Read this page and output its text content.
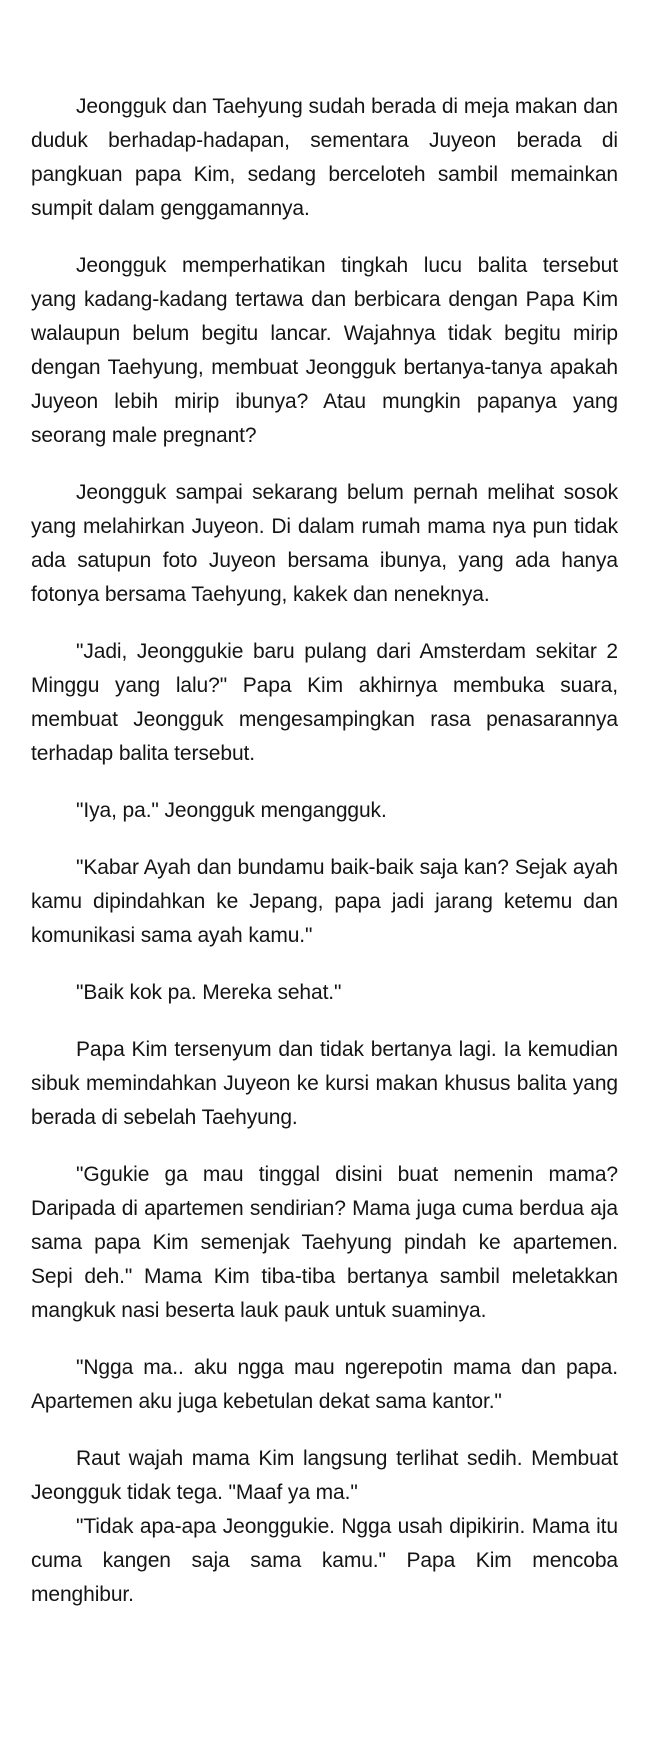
Jeongguk dan Taehyung sudah berada di meja makan dan duduk berhadap-hadapan, sementara Juyeon berada di pangkuan papa Kim, sedang berceloteh sambil memainkan sumpit dalam genggamannya.

Jeongguk memperhatikan tingkah lucu balita tersebut yang kadang-kadang tertawa dan berbicara dengan Papa Kim walaupun belum begitu lancar. Wajahnya tidak begitu mirip dengan Taehyung, membuat Jeongguk bertanya-tanya apakah Juyeon lebih mirip ibunya? Atau mungkin papanya yang seorang male pregnant?

Jeongguk sampai sekarang belum pernah melihat sosok yang melahirkan Juyeon. Di dalam rumah mama nya pun tidak ada satupun foto Juyeon bersama ibunya, yang ada hanya fotonya bersama Taehyung, kakek dan neneknya.

"Jadi, Jeonggukie baru pulang dari Amsterdam sekitar 2 Minggu yang lalu?" Papa Kim akhirnya membuka suara, membuat Jeongguk mengesampingkan rasa penasarannya terhadap balita tersebut.

"Iya, pa." Jeongguk mengangguk.

"Kabar Ayah dan bundamu baik-baik saja kan? Sejak ayah kamu dipindahkan ke Jepang, papa jadi jarang ketemu dan komunikasi sama ayah kamu."

"Baik kok pa. Mereka sehat."

Papa Kim tersenyum dan tidak bertanya lagi. Ia kemudian sibuk memindahkan Juyeon ke kursi makan khusus balita yang berada di sebelah Taehyung.

"Ggukie ga mau tinggal disini buat nemenin mama? Daripada di apartemen sendirian? Mama juga cuma berdua aja sama papa Kim semenjak Taehyung pindah ke apartemen. Sepi deh." Mama Kim tiba-tiba bertanya sambil meletakkan mangkuk nasi beserta lauk pauk untuk suaminya.

"Ngga ma.. aku ngga mau ngerepotin mama dan papa. Apartemen aku juga kebetulan dekat sama kantor."

Raut wajah mama Kim langsung terlihat sedih. Membuat Jeongguk tidak tega. "Maaf ya ma."

"Tidak apa-apa Jeonggukie. Ngga usah dipikirin. Mama itu cuma kangen saja sama kamu." Papa Kim mencoba menghibur.
